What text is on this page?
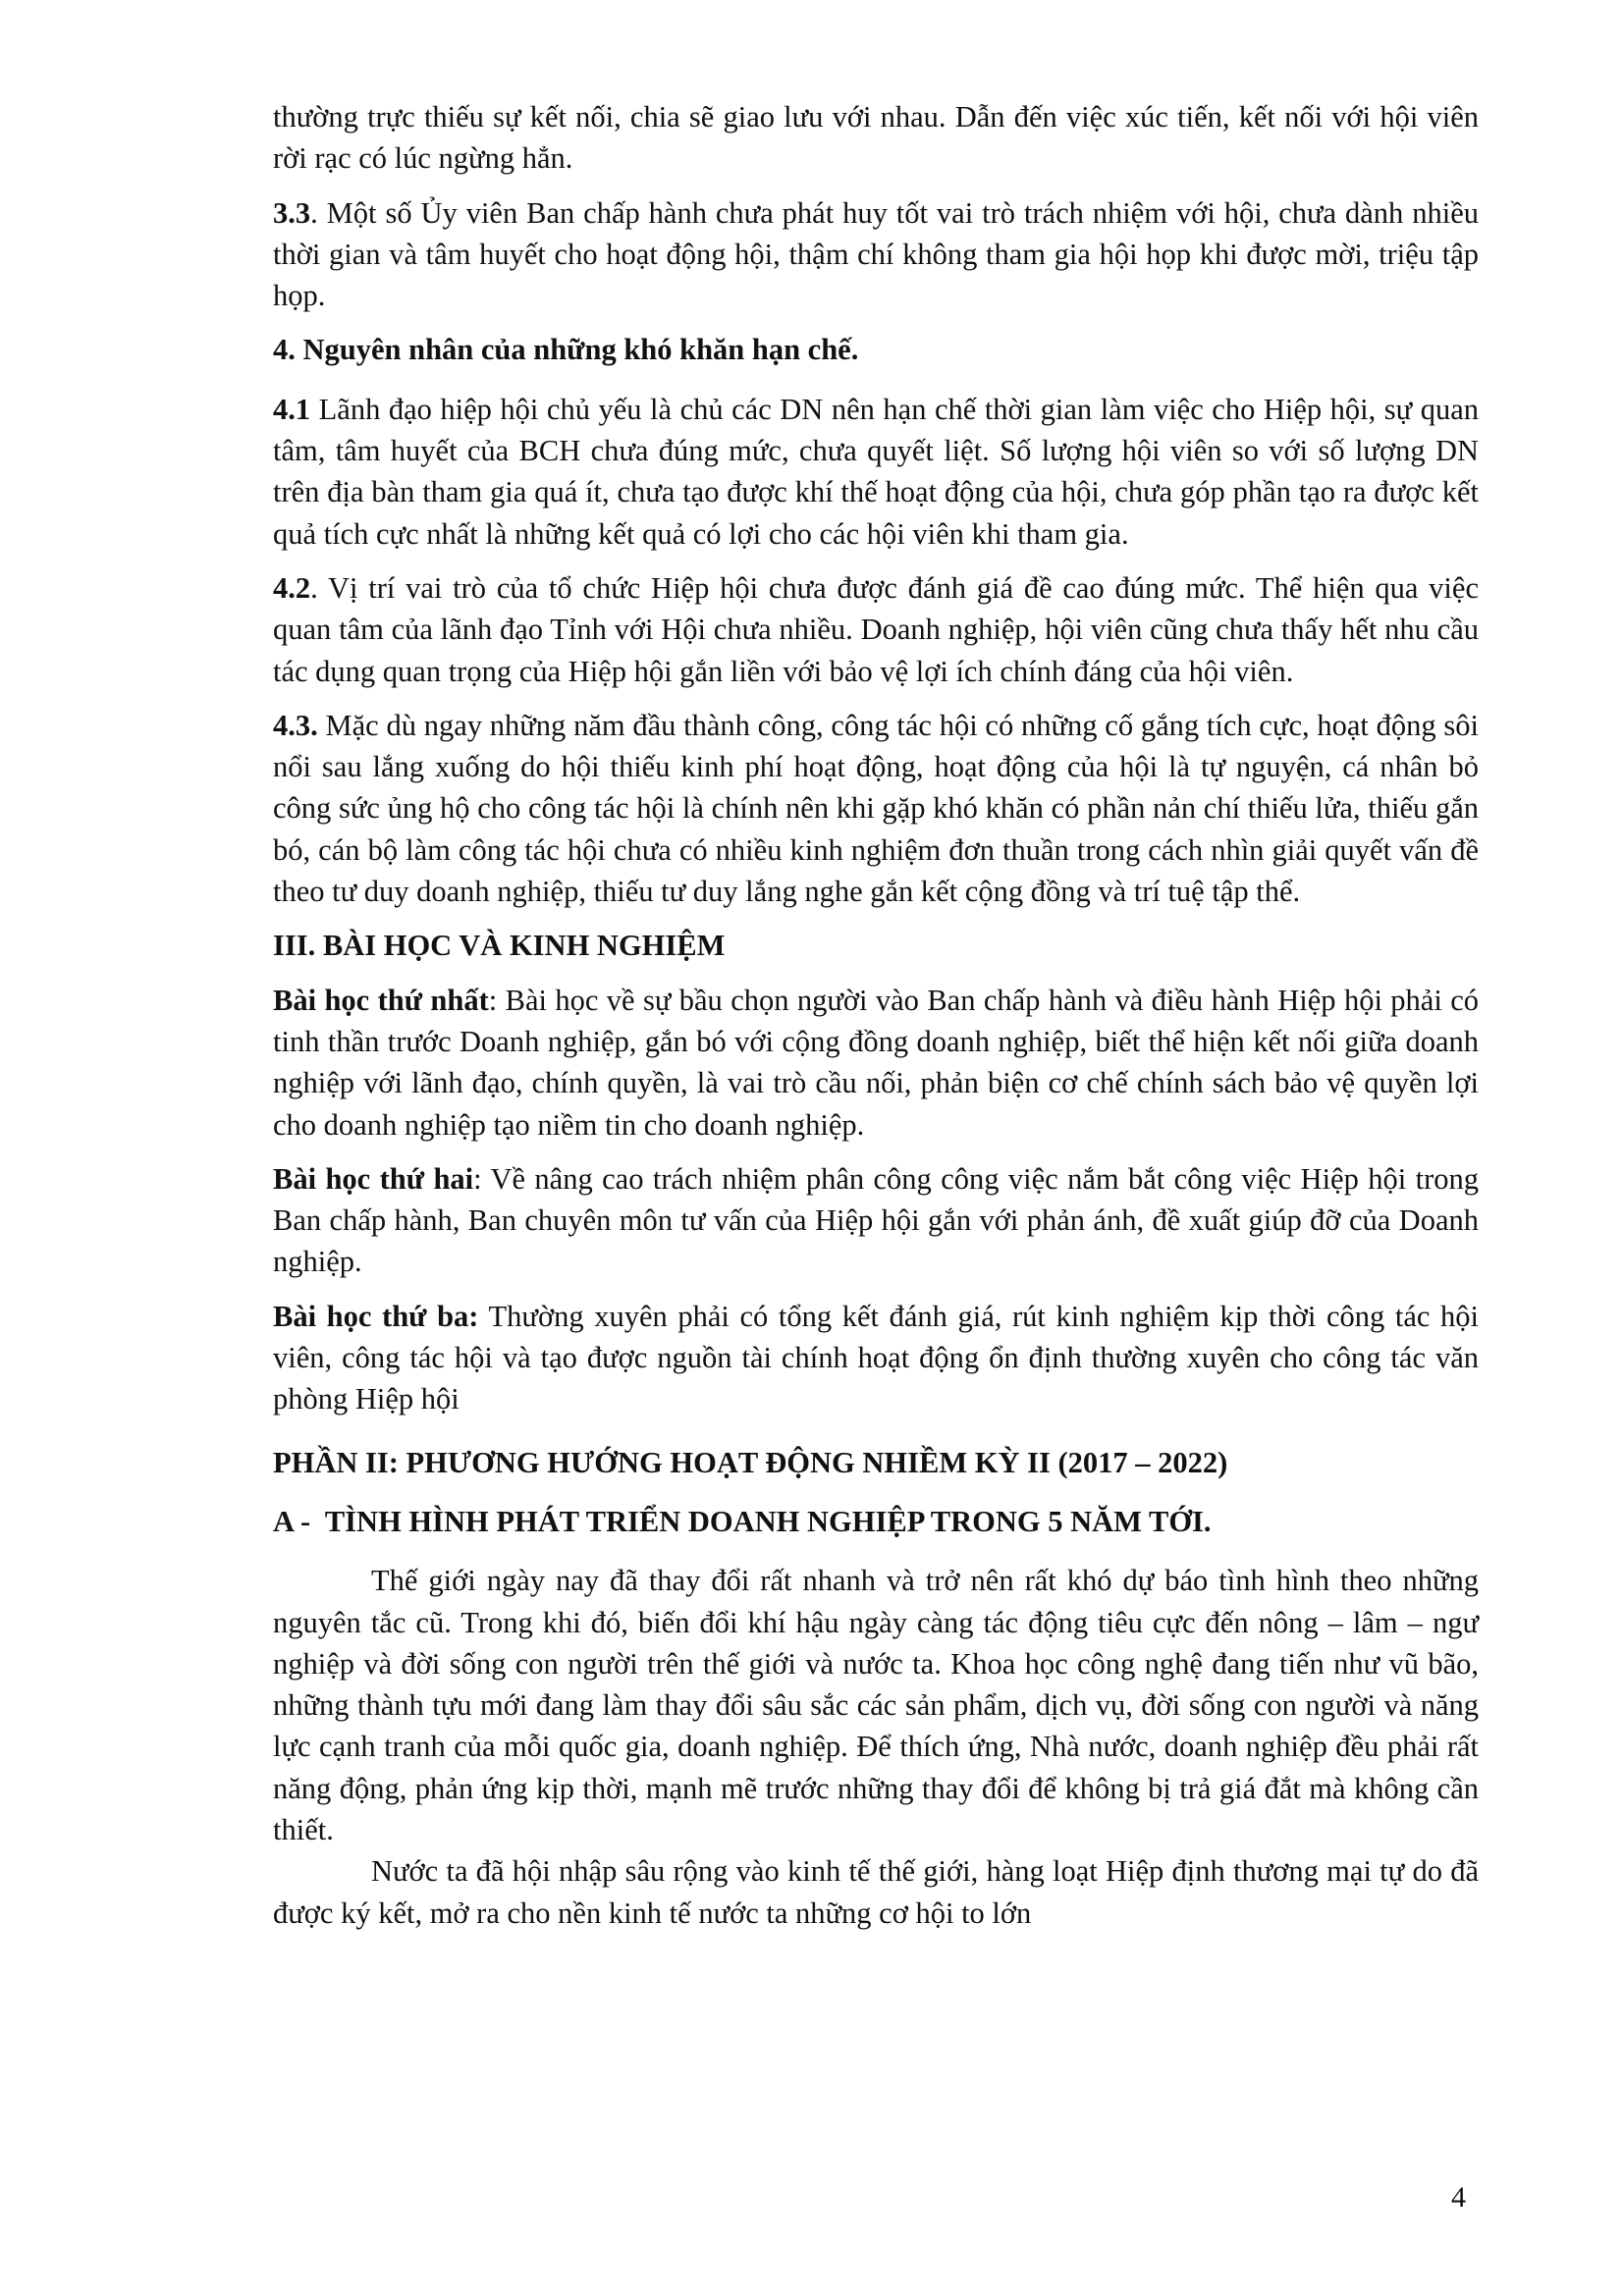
thường trực thiếu sự kết nối, chia sẽ giao lưu với nhau. Dẫn đến việc xúc tiến, kết nối với hội viên rời rạc có lúc ngừng hẳn.

3.3. Một số Ủy viên Ban chấp hành chưa phát huy tốt vai trò trách nhiệm với hội, chưa dành nhiều thời gian và tâm huyết cho hoạt động hội, thậm chí không tham gia hội họp khi được mời, triệu tập họp.

4. Nguyên nhân của những khó khăn hạn chế.

4.1 Lãnh đạo hiệp hội chủ yếu là chủ các DN nên hạn chế thời gian làm việc cho Hiệp hội, sự quan tâm, tâm huyết của BCH chưa đúng mức, chưa quyết liệt. Số lượng hội viên so với số lượng DN trên địa bàn tham gia quá ít, chưa tạo được khí thế hoạt động của hội, chưa góp phần tạo ra được kết quả tích cực nhất là những kết quả có lợi cho các hội viên khi tham gia.

4.2. Vị trí vai trò của tổ chức Hiệp hội chưa được đánh giá đề cao đúng mức. Thể hiện qua việc quan tâm của lãnh đạo Tỉnh với Hội chưa nhiều. Doanh nghiệp, hội viên cũng chưa thấy hết nhu cầu tác dụng quan trọng của Hiệp hội gắn liền với bảo vệ lợi ích chính đáng của hội viên.

4.3. Mặc dù ngay những năm đầu thành công, công tác hội có những cố gắng tích cực, hoạt động sôi nổi sau lắng xuống do hội thiếu kinh phí hoạt động, hoạt động của hội là tự nguyện, cá nhân bỏ công sức ủng hộ cho công tác hội là chính nên khi gặp khó khăn có phần nản chí thiếu lửa, thiếu gắn bó, cán bộ làm công tác hội chưa có nhiều kinh nghiệm đơn thuần trong cách nhìn giải quyết vấn đề theo tư duy doanh nghiệp, thiếu tư duy lắng nghe gắn kết cộng đồng và trí tuệ tập thể.

III. BÀI HỌC VÀ KINH NGHIỆM

Bài học thứ nhất: Bài học về sự bầu chọn người vào Ban chấp hành và điều hành Hiệp hội phải có tinh thần trước Doanh nghiệp, gắn bó với cộng đồng doanh nghiệp, biết thể hiện kết nối giữa doanh nghiệp với lãnh đạo, chính quyền, là vai trò cầu nối, phản biện cơ chế chính sách bảo vệ quyền lợi cho doanh nghiệp tạo niềm tin cho doanh nghiệp.

Bài học thứ hai: Về nâng cao trách nhiệm phân công công việc nắm bắt công việc Hiệp hội trong Ban chấp hành, Ban chuyên môn tư vấn của Hiệp hội gắn với phản ánh, đề xuất giúp đỡ của Doanh nghiệp.

Bài học thứ ba: Thường xuyên phải có tổng kết đánh giá, rút kinh nghiệm kịp thời công tác hội viên, công tác hội và tạo được nguồn tài chính hoạt động ổn định thường xuyên cho công tác văn phòng Hiệp hội

PHẦN II: PHƯƠNG HƯỚNG HOẠT ĐỘNG NHIỀM KỲ II (2017 – 2022)

A -  TÌNH HÌNH PHÁT TRIỂN DOANH NGHIỆP TRONG 5 NĂM TỚI.

Thế giới ngày nay đã thay đổi rất nhanh và trở nên rất khó dự báo tình hình theo những nguyên tắc cũ. Trong khi đó, biến đổi khí hậu ngày càng tác động tiêu cực đến nông – lâm – ngư nghiệp và đời sống con người trên thế giới và nước ta. Khoa học công nghệ đang tiến như vũ bão, những thành tựu mới đang làm thay đổi sâu sắc các sản phẩm, dịch vụ, đời sống con người và năng lực cạnh tranh của mỗi quốc gia, doanh nghiệp. Để thích ứng, Nhà nước, doanh nghiệp đều phải rất năng động, phản ứng kịp thời, mạnh mẽ trước những thay đổi để không bị trả giá đắt mà không cần thiết.

Nước ta đã hội nhập sâu rộng vào kinh tế thế giới, hàng loạt Hiệp định thương mại tự do đã được ký kết, mở ra cho nền kinh tế nước ta những cơ hội to lớn

4
